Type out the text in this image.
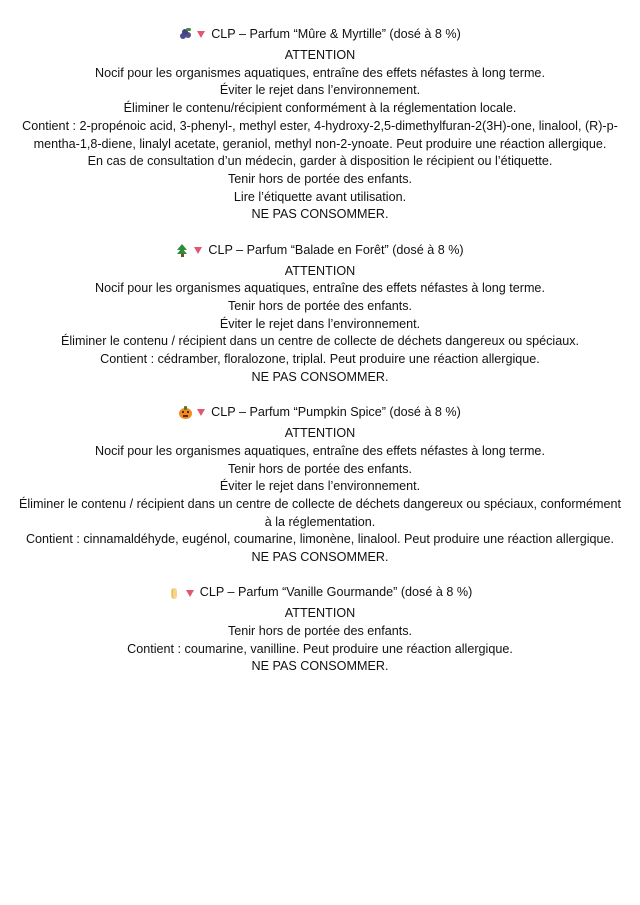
CLP – Parfum “Mûre & Myrtille” (dosé à 8 %)
ATTENTION
Nocif pour les organismes aquatiques, entraîne des effets néfastes à long terme.
Éviter le rejet dans l’environnement.
Éliminer le contenu/récipient conformément à la réglementation locale.
Contient : 2-propénoic acid, 3-phenyl-, methyl ester, 4-hydroxy-2,5-dimethylfuran-2(3H)-one, linalool, (R)-p-mentha-1,8-diene, linalyl acetate, geraniol, methyl non-2-ynoate. Peut produire une réaction allergique.
En cas de consultation d’un médecin, garder à disposition le récipient ou l’étiquette.
Tenir hors de portée des enfants.
Lire l’étiquette avant utilisation.
NE PAS CONSOMMER.
CLP – Parfum “Balade en Forêt” (dosé à 8 %)
ATTENTION
Nocif pour les organismes aquatiques, entraîne des effets néfastes à long terme.
Tenir hors de portée des enfants.
Éviter le rejet dans l’environnement.
Éliminer le contenu / récipient dans un centre de collecte de déchets dangereux ou spéciaux.
Contient : cédramber, floralozone, triplal. Peut produire une réaction allergique.
NE PAS CONSOMMER.
CLP – Parfum “Pumpkin Spice” (dosé à 8 %)
ATTENTION
Nocif pour les organismes aquatiques, entraîne des effets néfastes à long terme.
Tenir hors de portée des enfants.
Éviter le rejet dans l’environnement.
Éliminer le contenu / récipient dans un centre de collecte de déchets dangereux ou spéciaux, conformément à la réglementation.
Contient : cinnamaldéhyde, eugénol, coumarine, limonène, linalool. Peut produire une réaction allergique.
NE PAS CONSOMMER.
CLP – Parfum “Vanille Gourmande” (dosé à 8 %)
ATTENTION
Tenir hors de portée des enfants.
Contient : coumarine, vanilline. Peut produire une réaction allergique.
NE PAS CONSOMMER.
